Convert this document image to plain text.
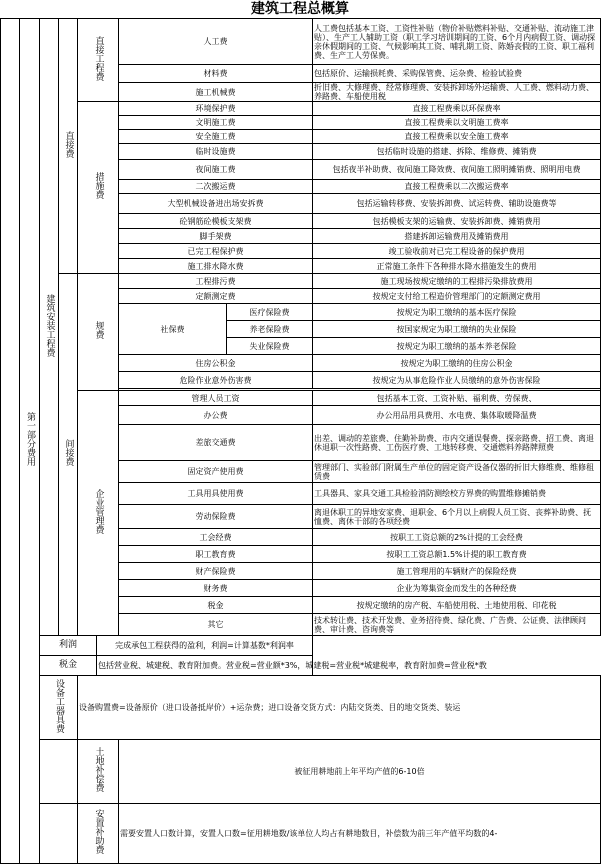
建筑工程总概算
	第一部分费用	建筑安装工程费	直接费	直接工程费		人工费		人工费包括基本工资、工资性补贴（物价补贴燃料补贴、交通补贴、流动施工津贴）、生产工人辅助工资（职工学习培训期间的工资、6个月内病假工资、调动探亲休假期间的工资、气候影响其工资、哺乳期工资、陈婚丧假的工资、职工福利费、生产工人劳保费。
						材料费		包括原价、运输损耗费、采购保管费、运杂费、检验试验费
						施工机械费		折旧费、大修理费、经常修理费、安装拆卸场外运输费、人工费、燃料动力费、养路费、车船使用税
				措施费		环境保护费		直接工程费乘以环保费率
						文明施工费		直接工程费乘以文明施工费率
						安全施工费		直接工程费乘以安全施工费率
						临时设施费		包括临时设施的搭建、拆除、维修费、摊销费
						夜间施工费		包括夜半补助费、夜间施工降效费、夜间施工照明摊销费、照明用电费
						二次搬运费		直接工程费乘以二次搬运费率
						大型机械设备进出场安拆费		包括运输转移费、安装拆卸费、试运转费、辅助设施费等
						砼钢筋砼模板支架费		包括模板支架的运输费、安装拆卸费、摊销费用
						脚手架费		搭建拆卸运输费用及摊销费用
						已完工程保护费		竣工验收前对已完工程设备的保护费用
						施工排水降水费		正常施工条件下各种排水降水措施发生的费用
			间接费	规费		工程排污费		施工现场按规定缴纳的工程排污染排放费用
						定额测定费		按规定支付给工程造价管理部门的定额测定费用
						社保费	医疗保险费	按规定为职工缴纳的基本医疗保险
							养老保险费	按国家规定为职工缴纳的失业保险
							失业保险费	按规定为职工缴纳的基本养老保险
						住房公积金		按规定为职工缴纳的住房公积金
						危险作业意外伤害费		按规定为从事危险作业人员缴纳的意外伤害保险

				企业管理费		管理人员工资		包括基本工资、工资补贴、福利费、劳保费、
						办公费		办公用品用具费用、水电费、集体取暖降温费
						差旅交通费		出差、调动的差旅费、住勤补助费、市内交通误餐费、探亲路费、招工费、离退休退职一次性路费、工伤医疗费、工地转移费、交通燃料养路牌照费
						固定资产使用费		管理部门、实验部门附属生产单位的固定资产设备仪器的折旧大修维费、维修租赁费
						工具用具使用费		工具器具、家具交通工具检验消防测绘校方界费的购置维修摊销费
						劳动保险费		离退休职工的异地安家费、退职金、6个月以上病假人员工资、丧葬补助费、抚恤费、离休干部的各项经费
						工会经费		按职工工资总额的2%计提的工会经费
						职工教育费		按职工工资总额1.5%计提的职工教育费
						财产保险费		施工管理用的车辆财产的保险经费
						财务费		企业为筹集资金而发生的各种经费
						税金		按规定缴纳的房产税、车船使用税、土地使用税、印花税
						其它		技术转让费、技术开发费、业务招待费、绿化费、广告费、公证费、法律顾问费、审计费、咨询费等
		利润			完成承包工程获得的盈利，利润=计算基数*利润率			
		税金			包括营业税、城建税、教育附加费。营业税=营业额*3%，城建税=营业税*城建税率，教育附加费=营业税*教			
		设备工器具费		设备购置费=设备原价（进口设备抵岸价）+运杂费；进口设备交货方式：内陆交货类、目的地交货类、装运				
				土地补偿费		被征用耕地前上年平均产值的6-10倍		
				安置补助费		需要安置人口数计算，安置人口数=征用耕地数/该单位人均占有耕地数目，补偿数为前三年产值平均数的4-		
